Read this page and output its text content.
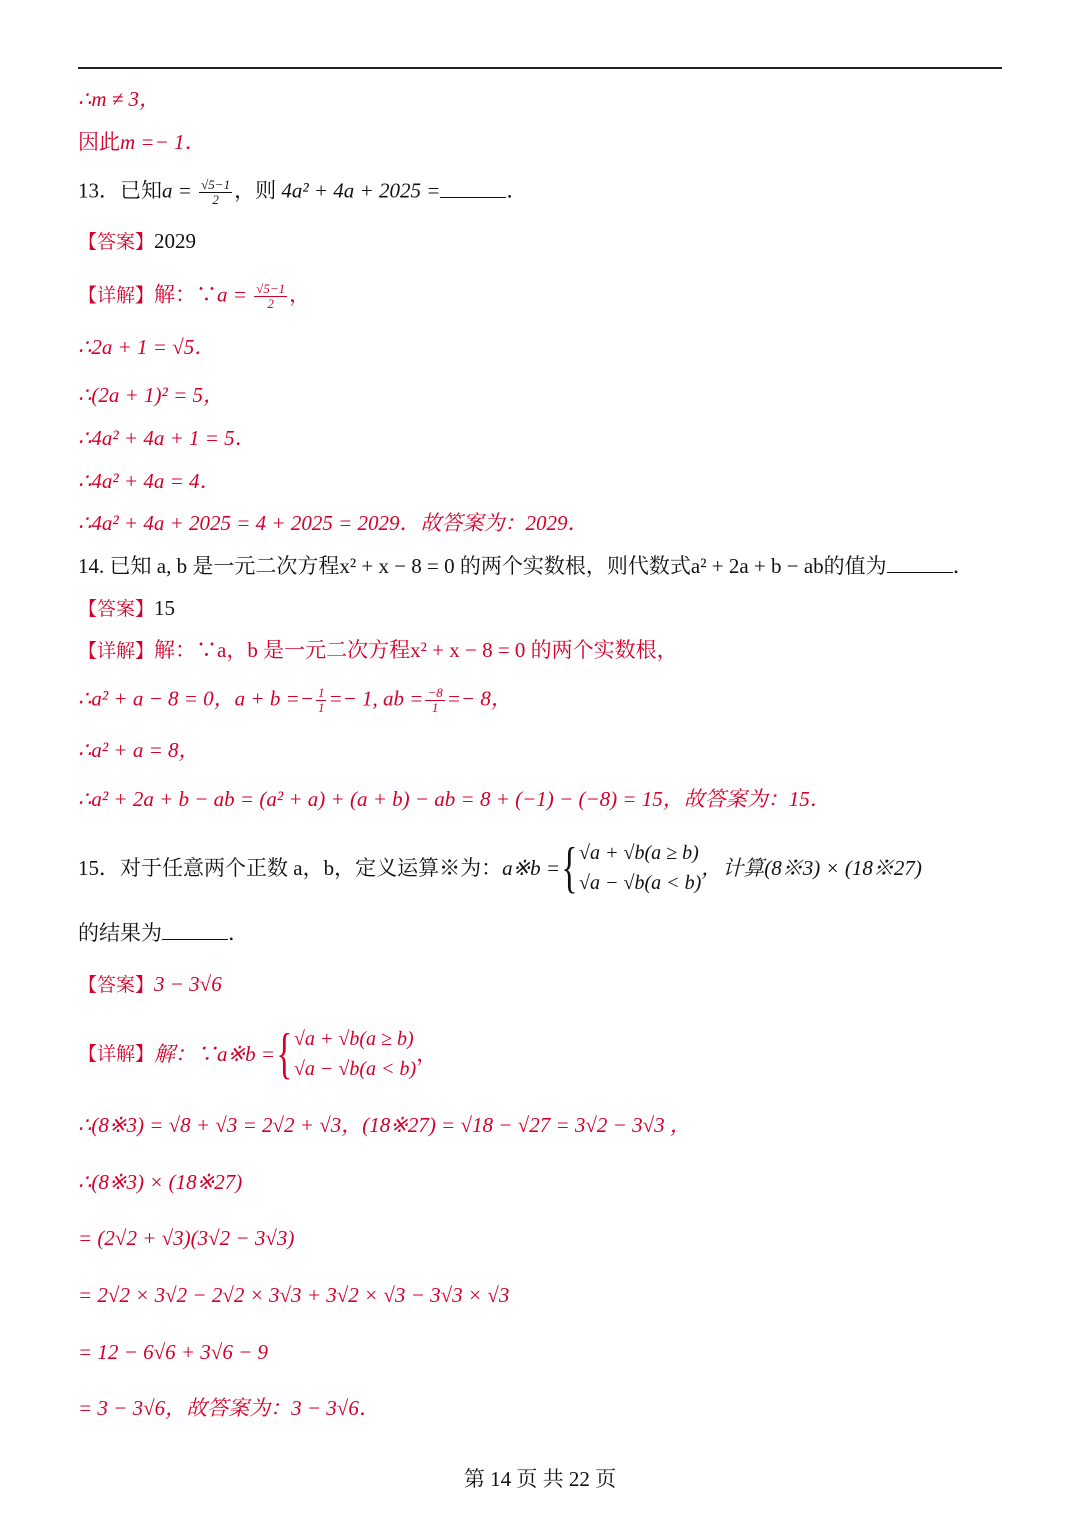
∴m ≠ 3，
因此m =− 1．
13．已知$a = \frac{√5-1}{2}$ ，则 4a² + 4a + 2025 =	．
【答案】2029
【详解】解：∵a = $\frac{√5-1}{2}$ ，
∴2a + 1 = √5．
∴(2a + 1)² = 5，
∴4a² + 4a + 1 = 5．
∴4a² + 4a = 4．
∴4a² + 4a + 2025 = 4 + 2025 = 2029．故答案为：2029．
14. 已知 a, b 是一元二次方程x² + x − 8 = 0 的两个实数根，则代数式a² + 2a + b − ab的值为	．
【答案】15
【详解】解：∵a，b 是一元二次方程x² + x − 8 = 0 的两个实数根，
∴a² + a − 8 = 0，$a + b =- \frac{1}{1} =- 1$, ab = $\frac{-8}{1} =- 8$，
∴a² + a = 8，
∴a² + 2a + b − ab = (a² + a) + (a + b) − ab = 8 + (−1) − (−8) = 15，故答案为：15．
15．对于任意两个正数 a，b，定义运算※为： a※b = { √a + √b(a ≥ b)
√a − √b(a < b)
，计算(8※3) × (18※27)
的结果为	．
【答案】3 − 3√6
【详解】 解：∵a※b = { √a + √b(a ≥ b)
√a − √b(a < b)
，
∴(8※3) = √8 + √3 = 2√2 + √3，(18※27) = √18 − √27 = 3√2 − 3√3 ，
∴(8※3) × (18※27)
= (2√2 + √3)(3√2 − 3√3)
= 2√2 × 3√2 − 2√2 × 3√3 + 3√2 × √3 − 3√3 × √3
= 12 − 6√6 + 3√6 − 9
= 3 − 3√6，故答案为：3 − 3√6．
第 14 页 共 22 页
